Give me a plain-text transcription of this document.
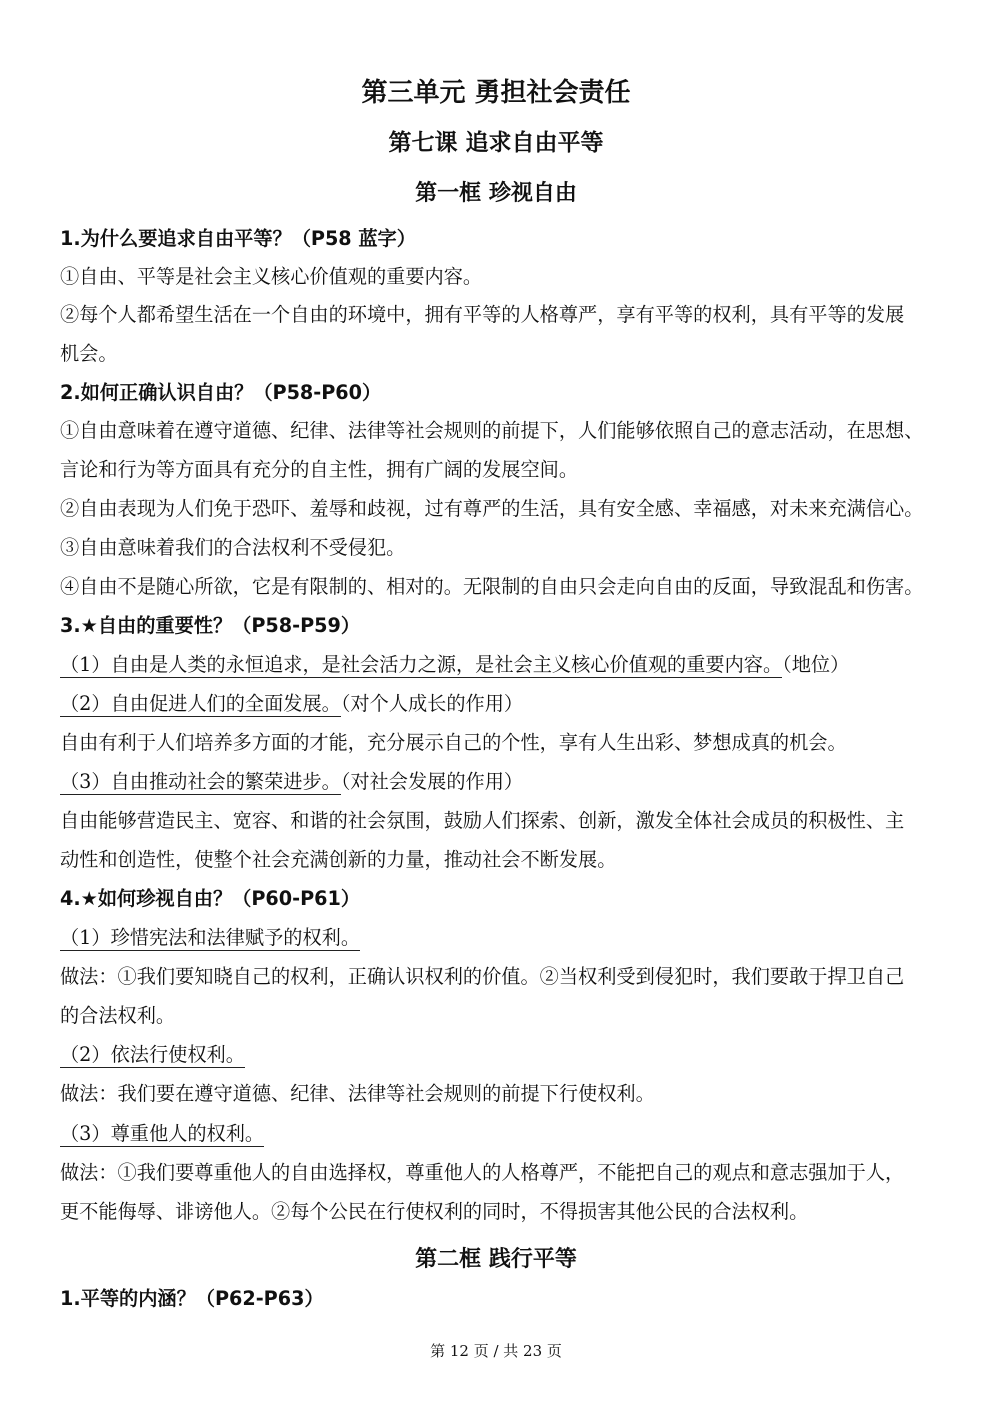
第三单元 勇担社会责任
第七课 追求自由平等
第一框 珍视自由
1.为什么要追求自由平等？（P58 蓝字）
①自由、平等是社会主义核心价值观的重要内容。
②每个人都希望生活在一个自由的环境中，拥有平等的人格尊严，享有平等的权利，具有平等的发展
机会。
2.如何正确认识自由？（P58-P60）
①自由意味着在遵守道德、纪律、法律等社会规则的前提下，人们能够依照自己的意志活动，在思想、
言论和行为等方面具有充分的自主性，拥有广阔的发展空间。
②自由表现为人们免于恐吓、羞辱和歧视，过有尊严的生活，具有安全感、幸福感，对未来充满信心。
③自由意味着我们的合法权利不受侵犯。
④自由不是随心所欲，它是有限制的、相对的。无限制的自由只会走向自由的反面，导致混乱和伤害。
3.★自由的重要性？（P58-P59）
（1）自由是人类的永恒追求，是社会活力之源，是社会主义核心价值观的重要内容。（地位）
（2）自由促进人们的全面发展。（对个人成长的作用）
自由有利于人们培养多方面的才能，充分展示自己的个性，享有人生出彩、梦想成真的机会。
（3）自由推动社会的繁荣进步。（对社会发展的作用）
自由能够营造民主、宽容、和谐的社会氛围，鼓励人们探索、创新，激发全体社会成员的积极性、主
动性和创造性，使整个社会充满创新的力量，推动社会不断发展。
4.★如何珍视自由？（P60-P61）
（1）珍惜宪法和法律赋予的权利。
做法：①我们要知晓自己的权利，正确认识权利的价值。②当权利受到侵犯时，我们要敢于捍卫自己
的合法权利。
（2）依法行使权利。
做法：我们要在遵守道德、纪律、法律等社会规则的前提下行使权利。
（3）尊重他人的权利。
做法：①我们要尊重他人的自由选择权，尊重他人的人格尊严，不能把自己的观点和意志强加于人，
更不能侮辱、诽谤他人。②每个公民在行使权利的同时，不得损害其他公民的合法权利。
第二框 践行平等
1.平等的内涵？（P62-P63）
第 12 页 / 共 23 页
